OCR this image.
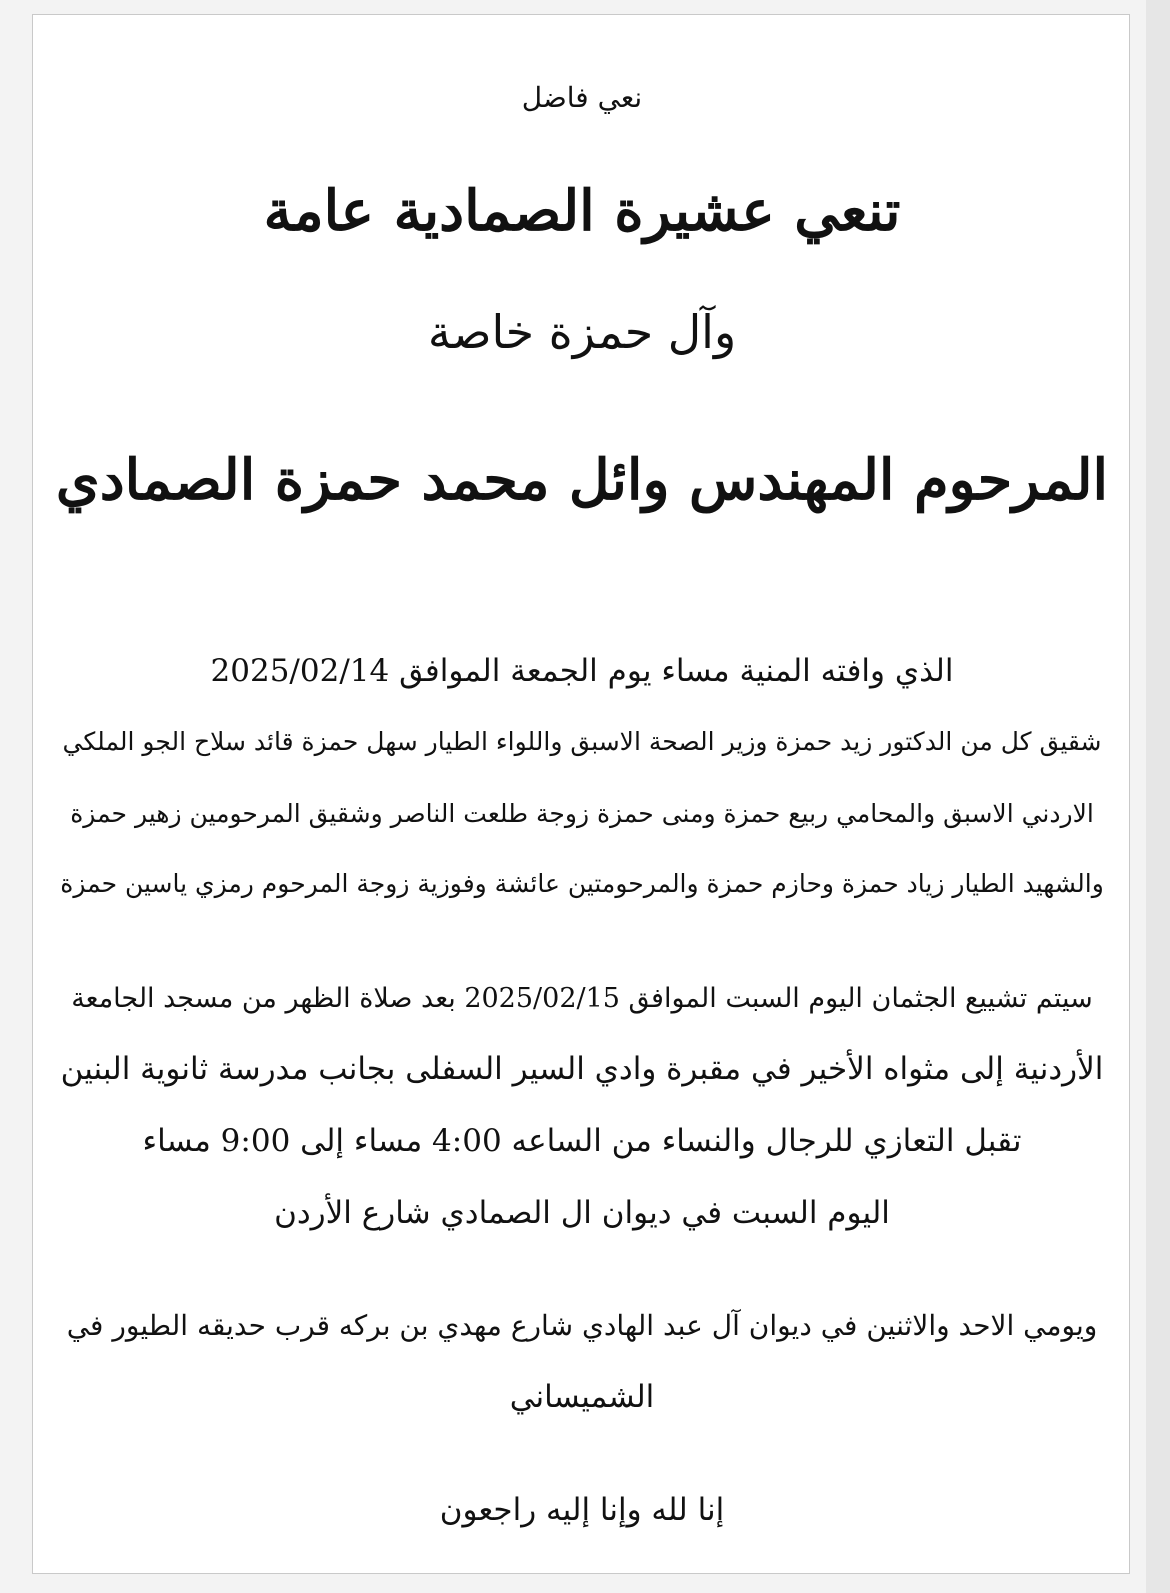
نعي فاضل

تنعي عشيرة الصمادية عامة

وآل حمزة خاصة

المرحوم المهندس وائل محمد حمزة الصمادي

الذي وافته المنية مساء يوم الجمعة الموافق 2025/02/14

شقيق كل من الدكتور زيد حمزة وزير الصحة الاسبق واللواء الطيار سهل حمزة قائد سلاح الجو الملكي

الاردني الاسبق والمحامي ربيع حمزة ومنى حمزة زوجة طلعت الناصر وشقيق المرحومين زهير حمزة

والشهيد الطيار زياد حمزة وحازم حمزة والمرحومتين عائشة وفوزية زوجة المرحوم رمزي ياسين حمزة

سيتم تشييع الجثمان اليوم السبت الموافق 2025/02/15 بعد صلاة الظهر من مسجد الجامعة

الأردنية إلى مثواه الأخير في مقبرة وادي السير السفلى بجانب مدرسة ثانوية البنين

تقبل التعازي للرجال والنساء من الساعه 4:00 مساء إلى 9:00 مساء

اليوم السبت في ديوان ال الصمادي شارع الأردن

ويومي الاحد والاثنين في ديوان آل عبد الهادي شارع مهدي بن بركه قرب حديقه الطيور في

الشميساني

إنا لله وإنا إليه راجعون
